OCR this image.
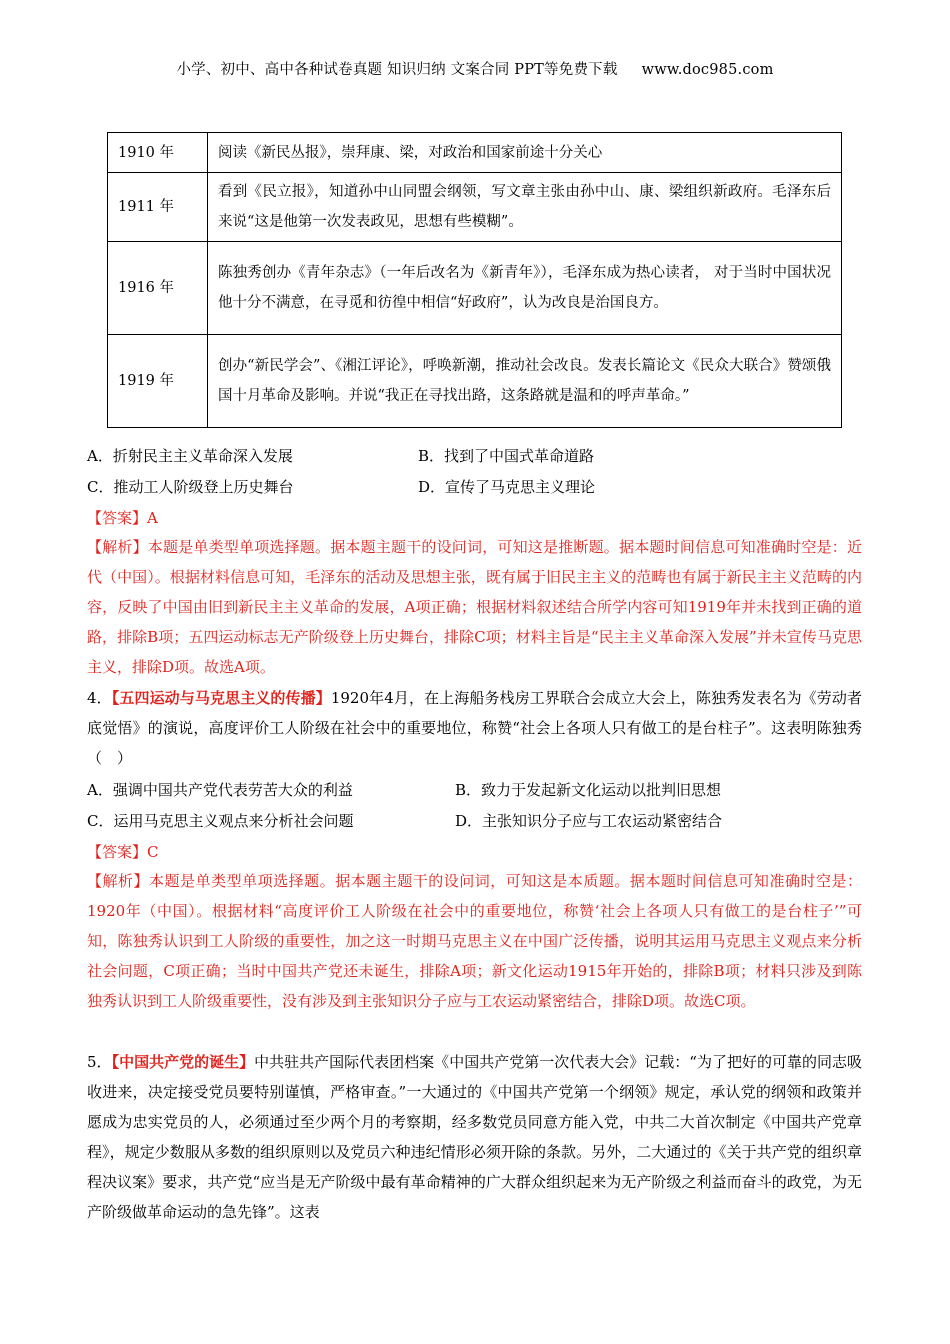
小学、初中、高中各种试卷真题 知识归纳 文案合同 PPT等免费下载 www.doc985.com
1910 年	阅读《新民丛报》，崇拜康、梁，对政治和国家前途十分关心
1911 年	看到《民立报》，知道孙中山同盟会纲领，写文章主张由孙中山、康、梁组织新政府。毛泽东后来说“这是他第一次发表政见，思想有些模糊”。
1916 年	陈独秀创办《青年杂志》（一年后改名为《新青年》），毛泽东成为热心读者， 对于当时中国状况他十分不满意，在寻觅和彷徨中相信“好政府”，认为改良是治国良方。
1919 年	创办“新民学会”、《湘江评论》，呼唤新潮，推动社会改良。发表长篇论文《民众大联合》赞颂俄国十月革命及影响。并说“我正在寻找出路，这条路就是温和的呼声革命。”
A．折射民主主义革命深入发展	B．找到了中国式革命道路
C．推动工人阶级登上历史舞台	D．宣传了马克思主义理论
【答案】A
【解析】本题是单类型单项选择题。据本题主题干的设问词，可知这是推断题。据本题时间信息可知准确时空是：近代（中国）。根据材料信息可知，毛泽东的活动及思想主张，既有属于旧民主主义的范畴也有属于新民主主义范畴的内容，反映了中国由旧到新民主主义革命的发展，A项正确；根据材料叙述结合所学内容可知1919年并未找到正确的道路，排除B项；五四运动标志无产阶级登上历史舞台，排除C项；材料主旨是“民主主义革命深入发展”并未宣传马克思主义，排除D项。故选A项。
4．【五四运动与马克思主义的传播】1920年4月，在上海船务栈房工界联合会成立大会上，陈独秀发表名为《劳动者底觉悟》的演说，高度评价工人阶级在社会中的重要地位，称赞“社会上各项人只有做工的是台柱子”。这表明陈独秀（　）
A．强调中国共产党代表劳苦大众的利益	B．致力于发起新文化运动以批判旧思想
C．运用马克思主义观点来分析社会问题	D．主张知识分子应与工农运动紧密结合
【答案】C
【解析】本题是单类型单项选择题。据本题主题干的设问词，可知这是本质题。据本题时间信息可知准确时空是：1920年（中国）。根据材料“高度评价工人阶级在社会中的重要地位，称赞‘社会上各项人只有做工的是台柱子’”可知，陈独秀认识到工人阶级的重要性，加之这一时期马克思主义在中国广泛传播，说明其运用马克思主义观点来分析社会问题，C项正确；当时中国共产党还未诞生，排除A项；新文化运动1915年开始的，排除B项；材料只涉及到陈独秀认识到工人阶级重要性，没有涉及到主张知识分子应与工农运动紧密结合，排除D项。故选C项。
5．【中国共产党的诞生】中共驻共产国际代表团档案《中国共产党第一次代表大会》记载：“为了把好的可靠的同志吸收进来，决定接受党员要特别谨慎，严格审查。”一大通过的《中国共产党第一个纲领》规定，承认党的纲领和政策并愿成为忠实党员的人，必须通过至少两个月的考察期，经多数党员同意方能入党，中共二大首次制定《中国共产党章程》，规定少数服从多数的组织原则以及党员六种违纪情形必须开除的条款。另外，二大通过的《关于共产党的组织章程决议案》要求，共产党“应当是无产阶级中最有革命精神的广大群众组织起来为无产阶级之利益而奋斗的政党，为无产阶级做革命运动的急先锋”。这表
